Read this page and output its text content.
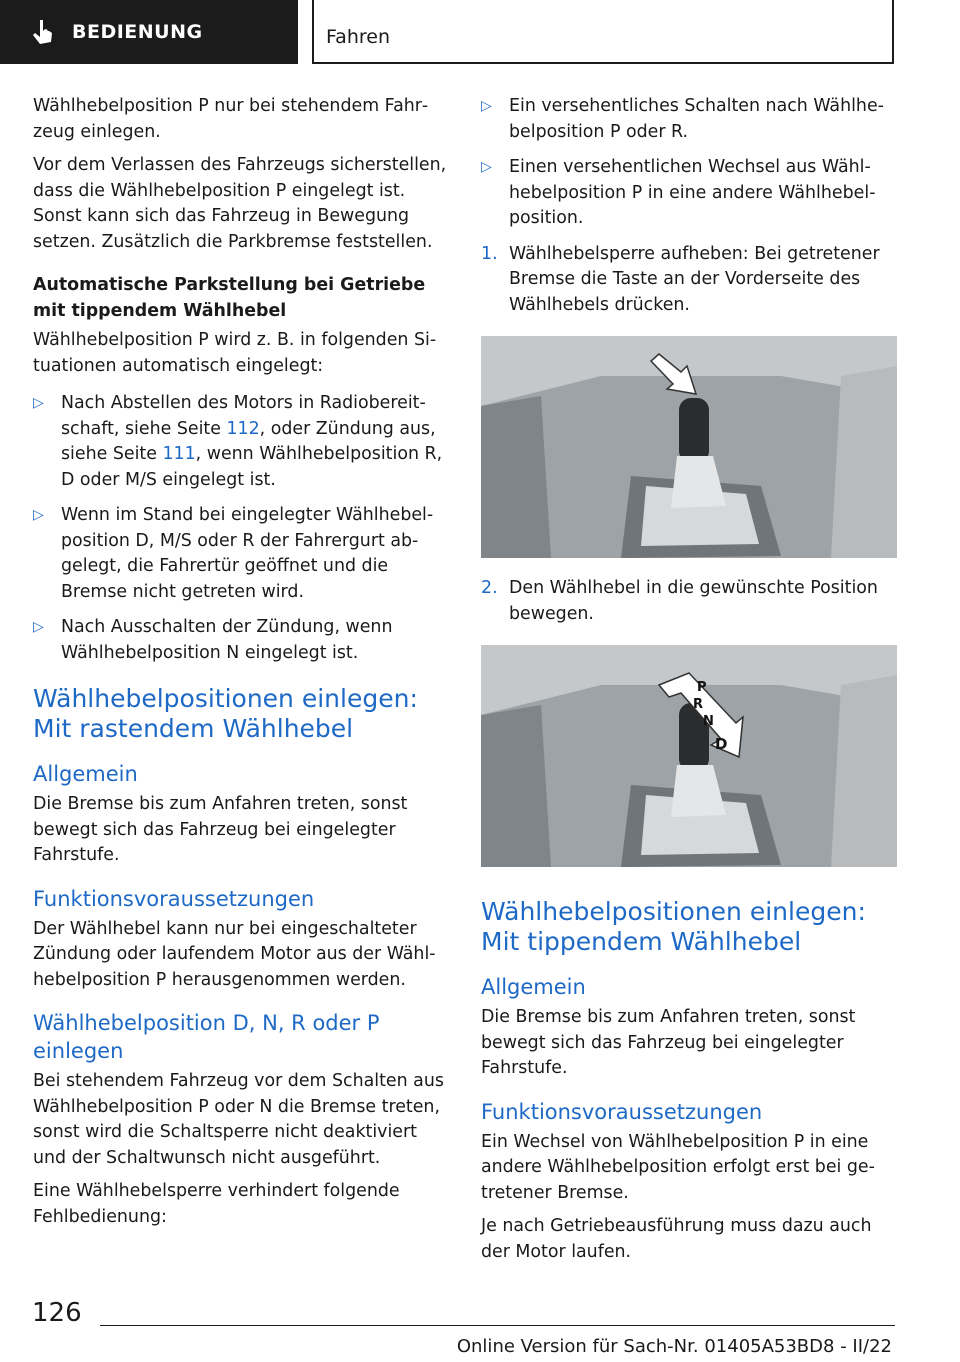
BEDIENUNG	Fahren

Wählhebelposition P nur bei stehendem Fahrzeug einlegen.

Vor dem Verlassen des Fahrzeugs sicherstellen, dass die Wählhebelposition P eingelegt ist. Sonst kann sich das Fahrzeug in Bewegung setzen. Zusätzlich die Parkbremse feststellen.

Automatische Parkstellung bei Getriebe mit tippendem Wählhebel

Wählhebelposition P wird z. B. in folgenden Situationen automatisch eingelegt:

▷ Nach Abstellen des Motors in Radiobereitschaft, siehe Seite 112, oder Zündung aus, siehe Seite 111, wenn Wählhebelposition R, D oder M/S eingelegt ist.
▷ Wenn im Stand bei eingelegter Wählhebelposition D, M/S oder R der Fahrergurt abgelegt, die Fahrertür geöffnet und die Bremse nicht getreten wird.
▷ Nach Ausschalten der Zündung, wenn Wählhebelposition N eingelegt ist.
Wählhebelpositionen einlegen: Mit rastendem Wählhebel
Allgemein

Die Bremse bis zum Anfahren treten, sonst bewegt sich das Fahrzeug bei eingelegter Fahrstufe.

Funktionsvoraussetzungen

Der Wählhebel kann nur bei eingeschalteter Zündung oder laufendem Motor aus der Wählhebelposition P herausgenommen werden.

Wählhebelposition D, N, R oder P einlegen

Bei stehendem Fahrzeug vor dem Schalten aus Wählhebelposition P oder N die Bremse treten, sonst wird die Schaltsperre nicht deaktiviert und der Schaltwunsch nicht ausgeführt.

Eine Wählhebelsperre verhindert folgende Fehlbedienung:

▷ Ein versehentliches Schalten nach Wählhebelposition P oder R.
▷ Einen versehentlichen Wechsel aus Wählhebelposition P in eine andere Wählhebelposition.
1. Wählhebelsperre aufheben: Bei getretener Bremse die Taste an der Vorderseite des Wählhebels drücken.
2. Den Wählhebel in die gewünschte Position bewegen.
P
R
N
D
Wählhebelpositionen einlegen: Mit tippendem Wählhebel
Allgemein

Die Bremse bis zum Anfahren treten, sonst bewegt sich das Fahrzeug bei eingelegter Fahrstufe.

Funktionsvoraussetzungen

Ein Wechsel von Wählhebelposition P in eine andere Wählhebelposition erfolgt erst bei getretener Bremse.

Je nach Getriebeausführung muss dazu auch der Motor laufen.

126
Online Version für Sach-Nr. 01405A53BD8 - II/22
